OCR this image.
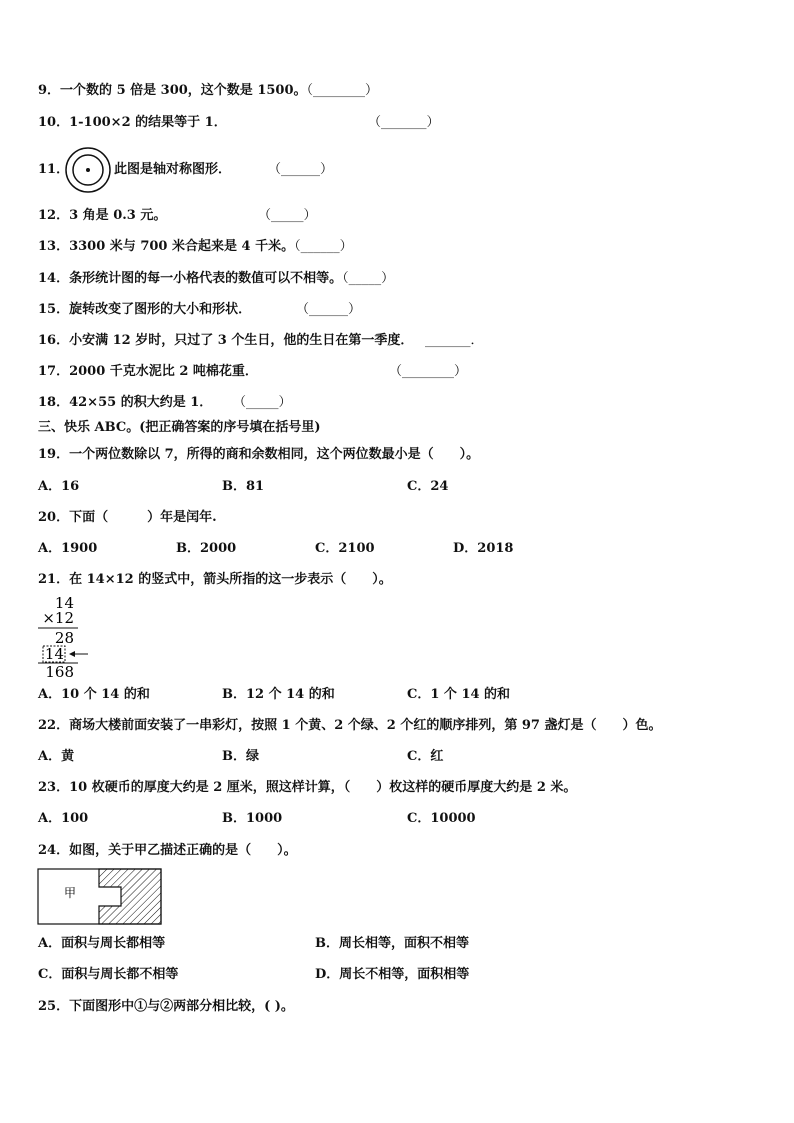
9．一个数的 5 倍是 300，这个数是 1500。（________）
10．1-100×2 的结果等于 1．	（_______）
11．	此图是轴对称图形．	（______）
12．3 角是 0.3 元。	（_____）
13．3300 米与 700 米合起来是 4 千米。（______）
14．条形统计图的每一小格代表的数值可以不相等。（_____）
15．旋转改变了图形的大小和形状．	（______）
16．小安满 12 岁时，只过了 3 个生日，他的生日在第一季度． _______．
17．2000 千克水泥比 2 吨棉花重．	（________）
18．42×55 的积大约是 1． （_____）
三、快乐 ABC。(把正确答案的序号填在括号里)
19．一个两位数除以 7，所得的商和余数相同，这个两位数最小是（　　）。
A．16	B．81	C．24
20．下面（　　　）年是闰年.
A．1900	B．2000	C．2100	D．2018
21．在 14×12 的竖式中，箭头所指的这一步表示（　　）。
14
×12
28
14
168
A．10 个 14 的和	B．12 个 14 的和	C．1 个 14 的和
22．商场大楼前面安装了一串彩灯，按照 1 个黄、2 个绿、2 个红的顺序排列，第 97 盏灯是（　　）色。
A．黄	B．绿	C．红
23．10 枚硬币的厚度大约是 2 厘米，照这样计算，（　　）枚这样的硬币厚度大约是 2 米。
A．100	B．1000	C．10000
24．如图，关于甲乙描述正确的是（　　）。
甲
A．面积与周长都相等	B．周长相等，面积不相等
C．面积与周长都不相等	D．周长不相等，面积相等
25．下面图形中①与②两部分相比较，( )。
